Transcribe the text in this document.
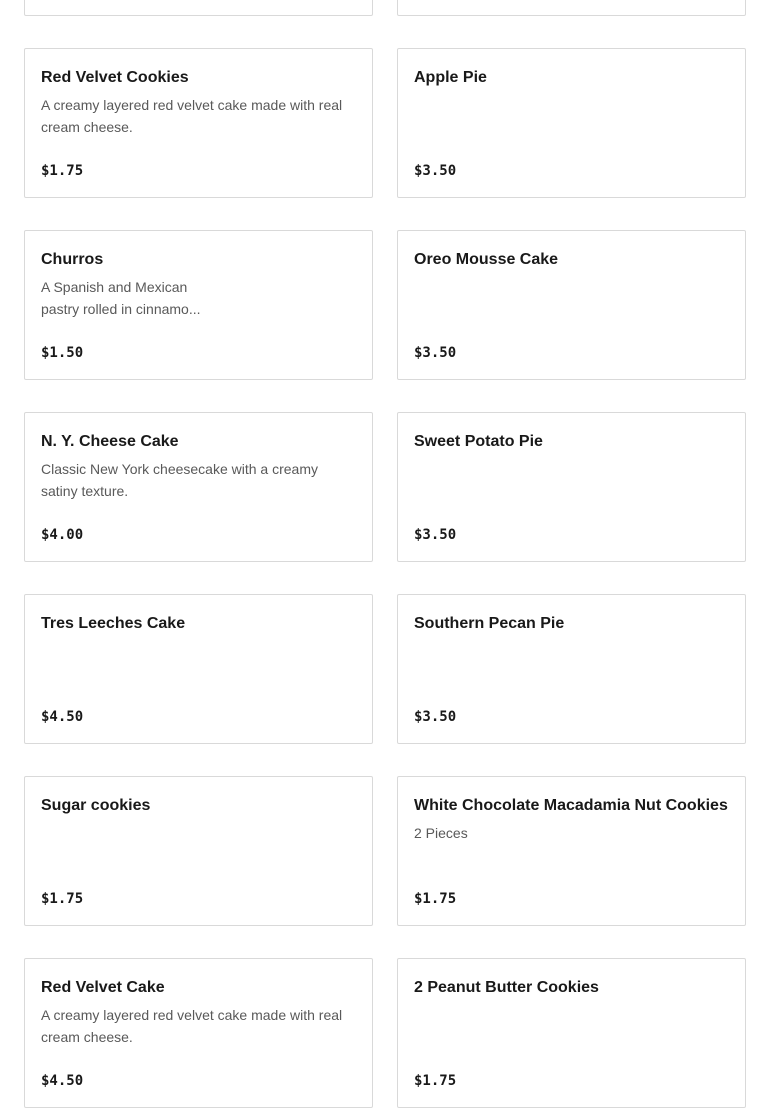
Red Velvet Cookies
A creamy layered red velvet cake made with real cream cheese.
$1.75
Apple Pie
$3.50
Churros
A Spanish and Mexican pastry rolled in cinnamo...
$1.50
Oreo Mousse Cake
$3.50
N. Y. Cheese Cake
Classic New York cheesecake with a creamy satiny texture.
$4.00
Sweet Potato Pie
$3.50
Tres Leeches Cake
$4.50
Southern Pecan Pie
$3.50
Sugar cookies
$1.75
White Chocolate Macadamia Nut Cookies
2 Pieces
$1.75
Red Velvet Cake
A creamy layered red velvet cake made with real cream cheese.
$4.50
2 Peanut Butter Cookies
$1.75
